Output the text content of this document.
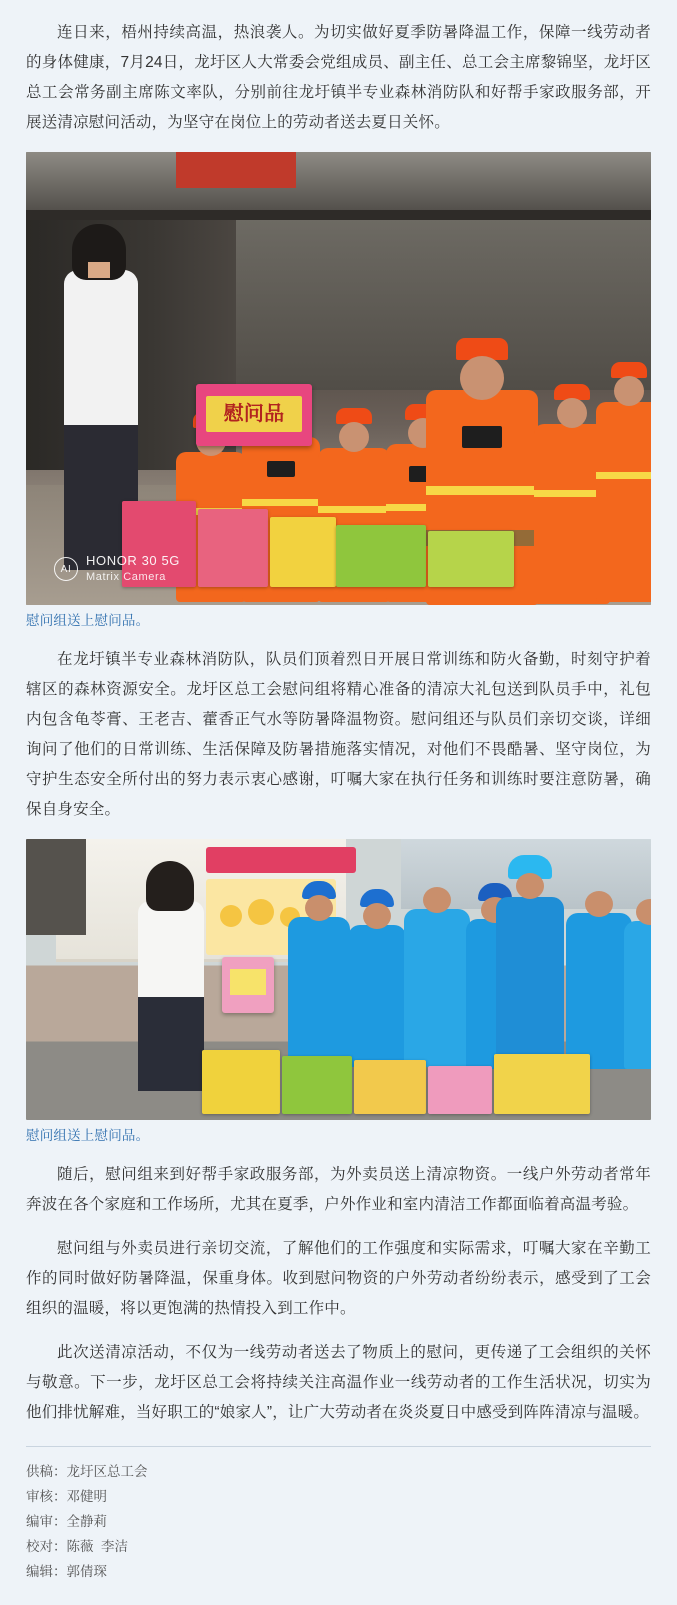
连日来，梧州持续高温，热浪袭人。为切实做好夏季防暑降温工作，保障一线劳动者的身体健康，7月24日，龙圩区人大常委会党组成员、副主任、总工会主席黎锦坚，龙圩区总工会常务副主席陈文率队，分别前往龙圩镇半专业森林消防队和好帮手家政服务部，开展送清凉慰问活动，为坚守在岗位上的劳动者送去夏日关怀。

慰问品
AI
HONOR 30 5G
Matrix Camera
慰问组送上慰问品。

在龙圩镇半专业森林消防队，队员们顶着烈日开展日常训练和防火备勤，时刻守护着辖区的森林资源安全。龙圩区总工会慰问组将精心准备的清凉大礼包送到队员手中，礼包内包含龟苓膏、王老吉、藿香正气水等防暑降温物资。慰问组还与队员们亲切交谈，详细询问了他们的日常训练、生活保障及防暑措施落实情况，对他们不畏酷暑、坚守岗位，为守护生态安全所付出的努力表示衷心感谢，叮嘱大家在执行任务和训练时要注意防暑，确保自身安全。

慰问组送上慰问品。

随后，慰问组来到好帮手家政服务部，为外卖员送上清凉物资。一线户外劳动者常年奔波在各个家庭和工作场所，尤其在夏季，户外作业和室内清洁工作都面临着高温考验。

慰问组与外卖员进行亲切交流，了解他们的工作强度和实际需求，叮嘱大家在辛勤工作的同时做好防暑降温，保重身体。收到慰问物资的户外劳动者纷纷表示，感受到了工会组织的温暖，将以更饱满的热情投入到工作中。

此次送清凉活动，不仅为一线劳动者送去了物质上的慰问，更传递了工会组织的关怀与敬意。下一步，龙圩区总工会将持续关注高温作业一线劳动者的工作生活状况，切实为他们排忧解难，当好职工的“娘家人”，让广大劳动者在炎炎夏日中感受到阵阵清凉与温暖。

供稿：龙圩区总工会
审核：邓健明
编审：全静莉
校对：陈薇  李洁
编辑：郭倩琛
